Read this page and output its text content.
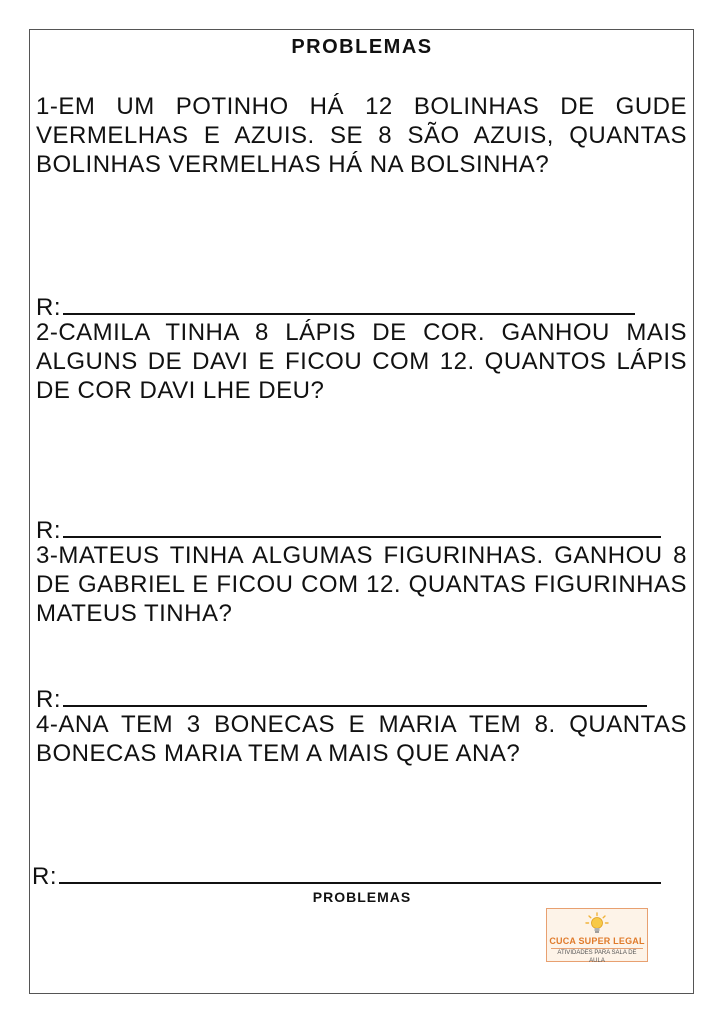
PROBLEMAS

1-EM UM POTINHO HÁ 12 BOLINHAS DE GUDE VERMELHAS E AZUIS. SE 8 SÃO AZUIS, QUANTAS BOLINHAS VERMELHAS HÁ NA BOLSINHA?

R:

2-CAMILA TINHA 8 LÁPIS DE COR. GANHOU MAIS ALGUNS DE DAVI E FICOU COM 12. QUANTOS LÁPIS DE COR DAVI LHE DEU?

R:

3-MATEUS TINHA ALGUMAS FIGURINHAS. GANHOU 8 DE GABRIEL E FICOU COM 12. QUANTAS FIGURINHAS MATEUS TINHA?

R:

4-ANA TEM 3 BONECAS E MARIA TEM 8. QUANTAS BONECAS MARIA TEM A MAIS QUE ANA?

R:
PROBLEMAS
CUCA SUPER LEGAL
ATIVIDADES PARA SALA DE AULA
